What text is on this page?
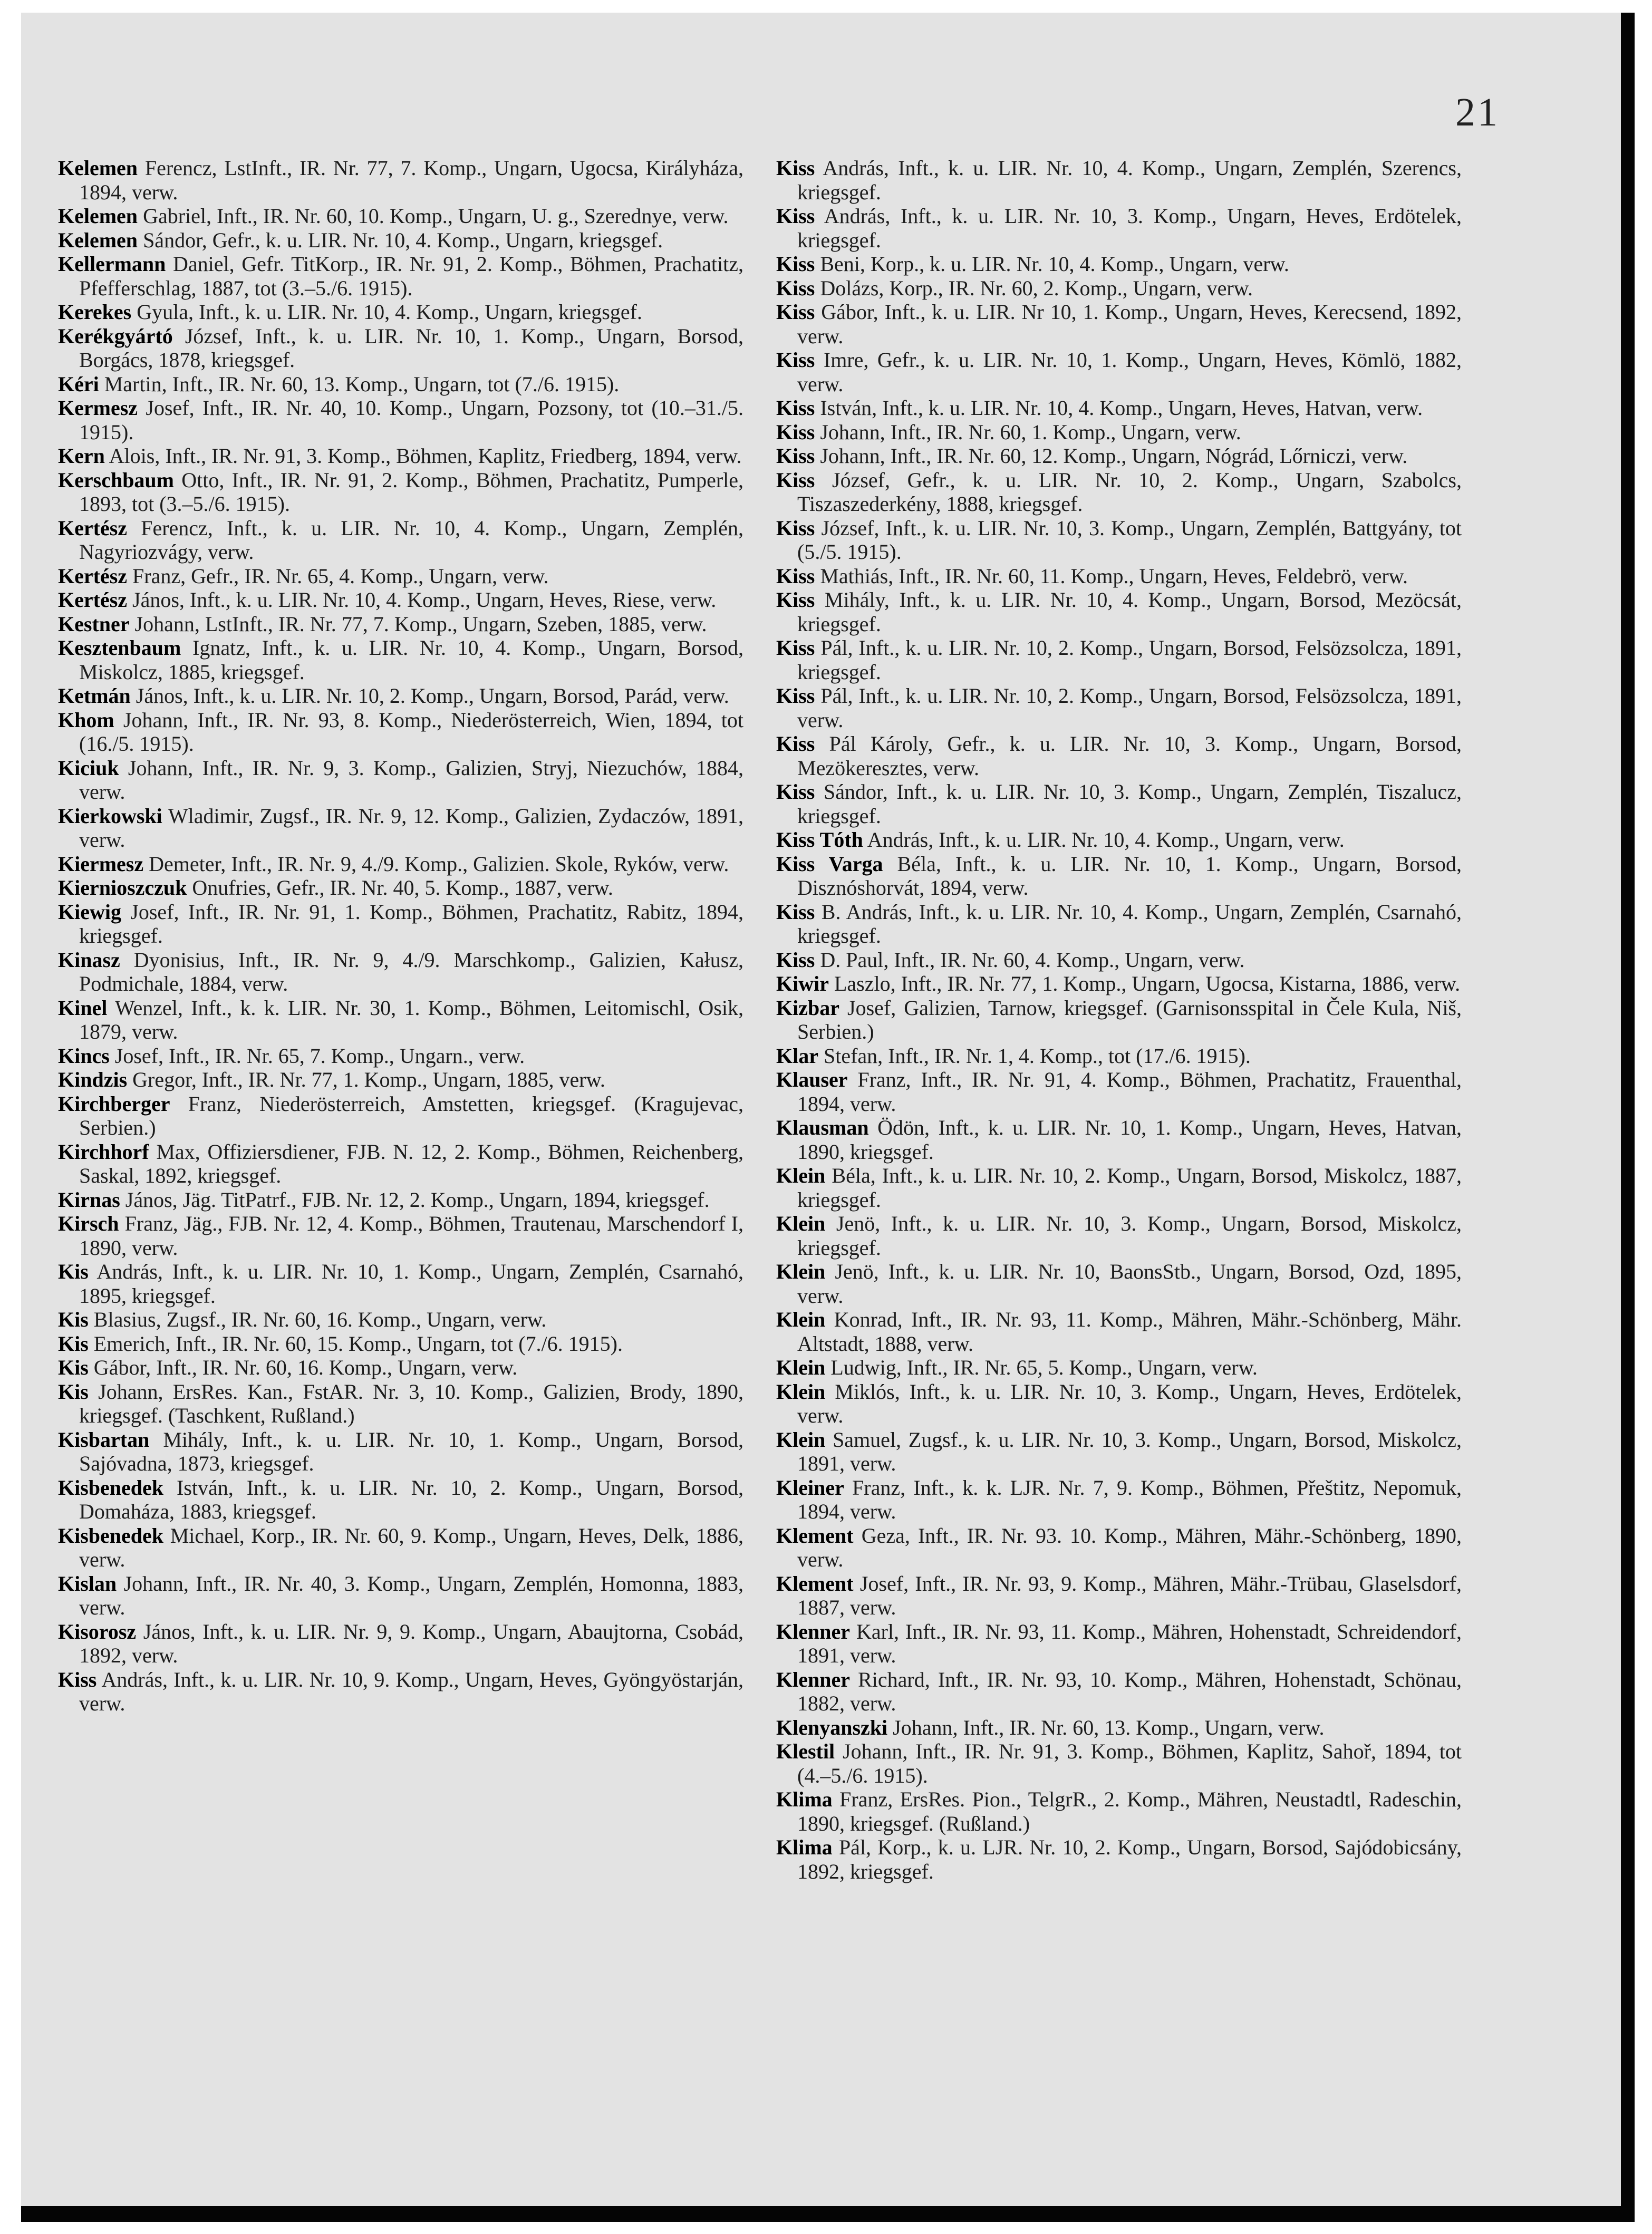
21
Kelemen Ferencz, LstInft., IR. Nr. 77, 7. Komp., Ungarn, Ugocsa, Királyháza, 1894, verw.
Kelemen Gabriel, Inft., IR. Nr. 60, 10. Komp., Ungarn, U. g., Szerednye, verw.
Kelemen Sándor, Gefr., k. u. LIR. Nr. 10, 4. Komp., Ungarn, kriegsgef.
Kellermann Daniel, Gefr. TitKorp., IR. Nr. 91, 2. Komp., Böhmen, Prachatitz, Pfefferschlag, 1887, tot (3.–5./6. 1915).
Kerekes Gyula, Inft., k. u. LIR. Nr. 10, 4. Komp., Ungarn, kriegsgef.
Kerékgyártó József, Inft., k. u. LIR. Nr. 10, 1. Komp., Ungarn, Borsod, Borgács, 1878, kriegsgef.
Kéri Martin, Inft., IR. Nr. 60, 13. Komp., Ungarn, tot (7./6. 1915).
Kermesz Josef, Inft., IR. Nr. 40, 10. Komp., Ungarn, Pozsony, tot (10.–31./5. 1915).
Kern Alois, Inft., IR. Nr. 91, 3. Komp., Böhmen, Kaplitz, Friedberg, 1894, verw.
Kerschbaum Otto, Inft., IR. Nr. 91, 2. Komp., Böhmen, Prachatitz, Pumperle, 1893, tot (3.–5./6. 1915).
Kertész Ferencz, Inft., k. u. LIR. Nr. 10, 4. Komp., Ungarn, Zemplén, Nagyriozvágy, verw.
Kertész Franz, Gefr., IR. Nr. 65, 4. Komp., Ungarn, verw.
Kertész János, Inft., k. u. LIR. Nr. 10, 4. Komp., Ungarn, Heves, Riese, verw.
Kestner Johann, LstInft., IR. Nr. 77, 7. Komp., Ungarn, Szeben, 1885, verw.
Kesztenbaum Ignatz, Inft., k. u. LIR. Nr. 10, 4. Komp., Ungarn, Borsod, Miskolcz, 1885, kriegsgef.
Ketmán János, Inft., k. u. LIR. Nr. 10, 2. Komp., Ungarn, Borsod, Parád, verw.
Khom Johann, Inft., IR. Nr. 93, 8. Komp., Niederösterreich, Wien, 1894, tot (16./5. 1915).
Kiciuk Johann, Inft., IR. Nr. 9, 3. Komp., Galizien, Stryj, Niezuchów, 1884, verw.
Kierkowski Wladimir, Zugsf., IR. Nr. 9, 12. Komp., Galizien, Zydaczów, 1891, verw.
Kiermesz Demeter, Inft., IR. Nr. 9, 4./9. Komp., Galizien. Skole, Ryków, verw.
Kiernioszczuk Onufries, Gefr., IR. Nr. 40, 5. Komp., 1887, verw.
Kiewig Josef, Inft., IR. Nr. 91, 1. Komp., Böhmen, Prachatitz, Rabitz, 1894, kriegsgef.
Kinasz Dyonisius, Inft., IR. Nr. 9, 4./9. Marschkomp., Galizien, Kałusz, Podmichale, 1884, verw.
Kinel Wenzel, Inft., k. k. LIR. Nr. 30, 1. Komp., Böhmen, Leitomischl, Osik, 1879, verw.
Kincs Josef, Inft., IR. Nr. 65, 7. Komp., Ungarn., verw.
Kindzis Gregor, Inft., IR. Nr. 77, 1. Komp., Ungarn, 1885, verw.
Kirchberger Franz, Niederösterreich, Amstetten, kriegsgef. (Kragujevac, Serbien.)
Kirchhorf Max, Offiziersdiener, FJB. N. 12, 2. Komp., Böhmen, Reichenberg, Saskal, 1892, kriegsgef.
Kirnas János, Jäg. TitPatrf., FJB. Nr. 12, 2. Komp., Ungarn, 1894, kriegsgef.
Kirsch Franz, Jäg., FJB. Nr. 12, 4. Komp., Böhmen, Trautenau, Marschendorf I, 1890, verw.
Kis András, Inft., k. u. LIR. Nr. 10, 1. Komp., Ungarn, Zemplén, Csarnahó, 1895, kriegsgef.
Kis Blasius, Zugsf., IR. Nr. 60, 16. Komp., Ungarn, verw.
Kis Emerich, Inft., IR. Nr. 60, 15. Komp., Ungarn, tot (7./6. 1915).
Kis Gábor, Inft., IR. Nr. 60, 16. Komp., Ungarn, verw.
Kis Johann, ErsRes. Kan., FstAR. Nr. 3, 10. Komp., Galizien, Brody, 1890, kriegsgef. (Taschkent, Rußland.)
Kisbartan Mihály, Inft., k. u. LIR. Nr. 10, 1. Komp., Ungarn, Borsod, Sajóvadna, 1873, kriegsgef.
Kisbenedek István, Inft., k. u. LIR. Nr. 10, 2. Komp., Ungarn, Borsod, Domaháza, 1883, kriegsgef.
Kisbenedek Michael, Korp., IR. Nr. 60, 9. Komp., Ungarn, Heves, Delk, 1886, verw.
Kislan Johann, Inft., IR. Nr. 40, 3. Komp., Ungarn, Zemplén, Homonna, 1883, verw.
Kisorosz János, Inft., k. u. LIR. Nr. 9, 9. Komp., Ungarn, Abaujtorna, Csobád, 1892, verw.
Kiss András, Inft., k. u. LIR. Nr. 10, 9. Komp., Ungarn, Heves, Gyöngyöstarján, verw.
Kiss András, Inft., k. u. LIR. Nr. 10, 4. Komp., Ungarn, Zemplén, Szerencs, kriegsgef.
Kiss András, Inft., k. u. LIR. Nr. 10, 3. Komp., Ungarn, Heves, Erdötelek, kriegsgef.
Kiss Beni, Korp., k. u. LIR. Nr. 10, 4. Komp., Ungarn, verw.
Kiss Dolázs, Korp., IR. Nr. 60, 2. Komp., Ungarn, verw.
Kiss Gábor, Inft., k. u. LIR. Nr 10, 1. Komp., Ungarn, Heves, Kerecsend, 1892, verw.
Kiss Imre, Gefr., k. u. LIR. Nr. 10, 1. Komp., Ungarn, Heves, Kömlö, 1882, verw.
Kiss István, Inft., k. u. LIR. Nr. 10, 4. Komp., Ungarn, Heves, Hatvan, verw.
Kiss Johann, Inft., IR. Nr. 60, 1. Komp., Ungarn, verw.
Kiss Johann, Inft., IR. Nr. 60, 12. Komp., Ungarn, Nógrád, Lőrniczi, verw.
Kiss József, Gefr., k. u. LIR. Nr. 10, 2. Komp., Ungarn, Szabolcs, Tiszaszederkény, 1888, kriegsgef.
Kiss József, Inft., k. u. LIR. Nr. 10, 3. Komp., Ungarn, Zemplén, Battgyány, tot (5./5. 1915).
Kiss Mathiás, Inft., IR. Nr. 60, 11. Komp., Ungarn, Heves, Feldebrö, verw.
Kiss Mihály, Inft., k. u. LIR. Nr. 10, 4. Komp., Ungarn, Borsod, Mezöcsát, kriegsgef.
Kiss Pál, Inft., k. u. LIR. Nr. 10, 2. Komp., Ungarn, Borsod, Felsözsolcza, 1891, kriegsgef.
Kiss Pál, Inft., k. u. LIR. Nr. 10, 2. Komp., Ungarn, Borsod, Felsözsolcza, 1891, verw.
Kiss Pál Károly, Gefr., k. u. LIR. Nr. 10, 3. Komp., Ungarn, Borsod, Mezökeresztes, verw.
Kiss Sándor, Inft., k. u. LIR. Nr. 10, 3. Komp., Ungarn, Zemplén, Tiszalucz, kriegsgef.
Kiss Tóth András, Inft., k. u. LIR. Nr. 10, 4. Komp., Ungarn, verw.
Kiss Varga Béla, Inft., k. u. LIR. Nr. 10, 1. Komp., Ungarn, Borsod, Disznóshorvát, 1894, verw.
Kiss B. András, Inft., k. u. LIR. Nr. 10, 4. Komp., Ungarn, Zemplén, Csarnahó, kriegsgef.
Kiss D. Paul, Inft., IR. Nr. 60, 4. Komp., Ungarn, verw.
Kiwir Laszlo, Inft., IR. Nr. 77, 1. Komp., Ungarn, Ugocsa, Kistarna, 1886, verw.
Kizbar Josef, Galizien, Tarnow, kriegsgef. (Garnisonsspital in Čele Kula, Niš, Serbien.)
Klar Stefan, Inft., IR. Nr. 1, 4. Komp., tot (17./6. 1915).
Klauser Franz, Inft., IR. Nr. 91, 4. Komp., Böhmen, Prachatitz, Frauenthal, 1894, verw.
Klausman Ödön, Inft., k. u. LIR. Nr. 10, 1. Komp., Ungarn, Heves, Hatvan, 1890, kriegsgef.
Klein Béla, Inft., k. u. LIR. Nr. 10, 2. Komp., Ungarn, Borsod, Miskolcz, 1887, kriegsgef.
Klein Jenö, Inft., k. u. LIR. Nr. 10, 3. Komp., Ungarn, Borsod, Miskolcz, kriegsgef.
Klein Jenö, Inft., k. u. LIR. Nr. 10, BaonsStb., Ungarn, Borsod, Ozd, 1895, verw.
Klein Konrad, Inft., IR. Nr. 93, 11. Komp., Mähren, Mähr.-Schönberg, Mähr. Altstadt, 1888, verw.
Klein Ludwig, Inft., IR. Nr. 65, 5. Komp., Ungarn, verw.
Klein Miklós, Inft., k. u. LIR. Nr. 10, 3. Komp., Ungarn, Heves, Erdötelek, verw.
Klein Samuel, Zugsf., k. u. LIR. Nr. 10, 3. Komp., Ungarn, Borsod, Miskolcz, 1891, verw.
Kleiner Franz, Inft., k. k. LJR. Nr. 7, 9. Komp., Böhmen, Přeštitz, Nepomuk, 1894, verw.
Klement Geza, Inft., IR. Nr. 93. 10. Komp., Mähren, Mähr.-Schönberg, 1890, verw.
Klement Josef, Inft., IR. Nr. 93, 9. Komp., Mähren, Mähr.-Trübau, Glaselsdorf, 1887, verw.
Klenner Karl, Inft., IR. Nr. 93, 11. Komp., Mähren, Hohenstadt, Schreidendorf, 1891, verw.
Klenner Richard, Inft., IR. Nr. 93, 10. Komp., Mähren, Hohenstadt, Schönau, 1882, verw.
Klenyanszki Johann, Inft., IR. Nr. 60, 13. Komp., Ungarn, verw.
Klestil Johann, Inft., IR. Nr. 91, 3. Komp., Böhmen, Kaplitz, Sahoř, 1894, tot (4.–5./6. 1915).
Klima Franz, ErsRes. Pion., TelgrR., 2. Komp., Mähren, Neustadtl, Radeschin, 1890, kriegsgef. (Rußland.)
Klima Pál, Korp., k. u. LJR. Nr. 10, 2. Komp., Ungarn, Borsod, Sajódobicsány, 1892, kriegsgef.
